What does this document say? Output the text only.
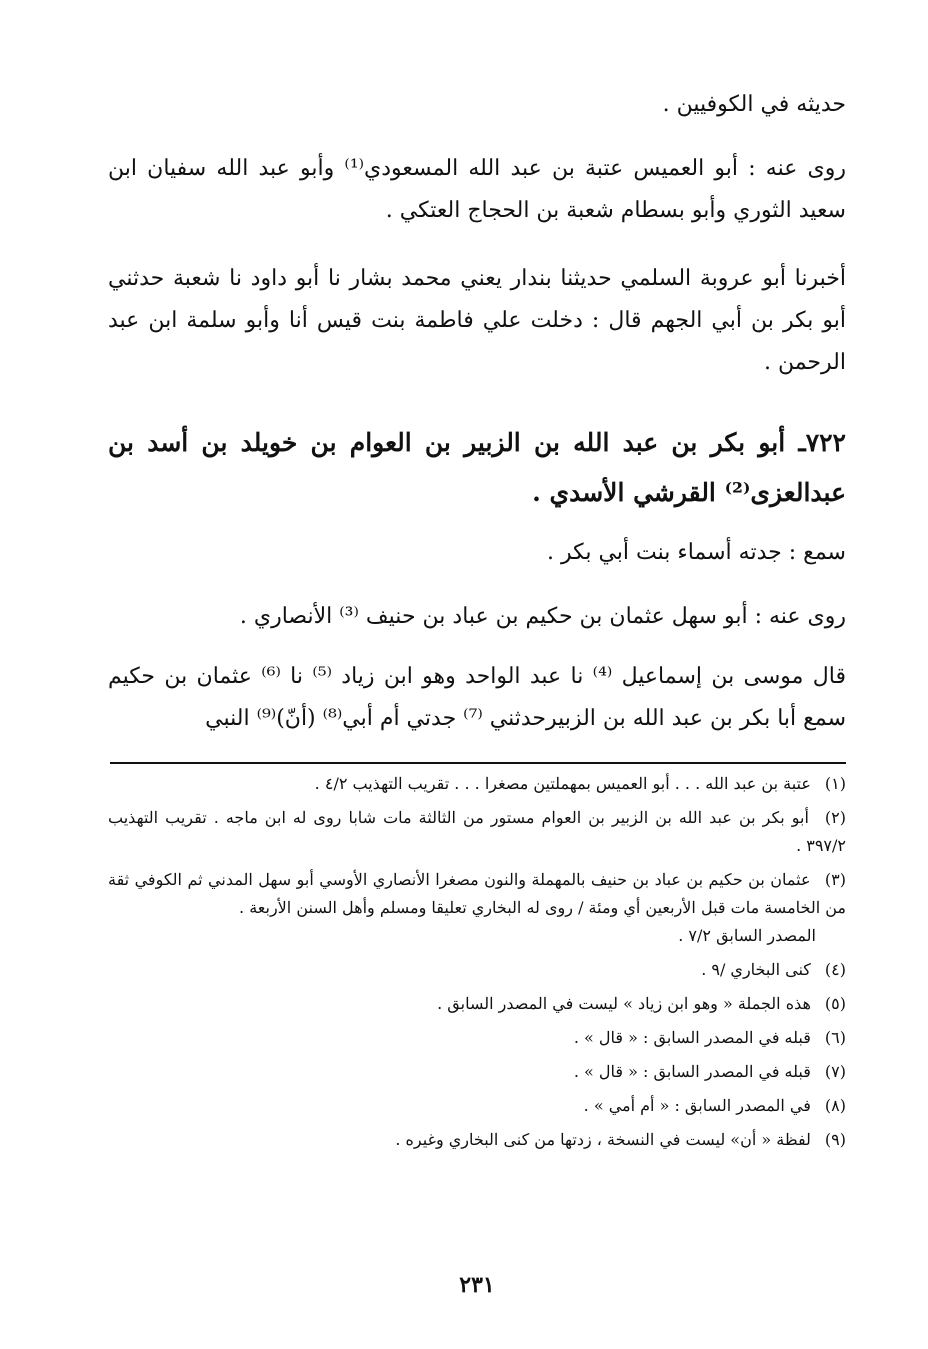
حديثه في الكوفيين .

روى عنه : أبو العميس عتبة بن عبد الله المسعودي⁽¹⁾ وأبو عبد الله سفيان ابن سعيد الثوري وأبو بسطام شعبة بن الحجاج العتكي .

أخبرنا أبو عروبة السلمي حديثنا بندار يعني محمد بشار نا أبو داود نا شعبة حدثني أبو بكر بن أبي الجهم قال : دخلت علي فاطمة بنت قيس أنا وأبو سلمة ابن عبد الرحمن .

٧٢٢ـ أبو بكر بن عبد الله بن الزبير بن العوام بن خويلد بن أسد بن عبدالعزى⁽²⁾ القرشي الأسدي .

سمع : جدته أسماء بنت أبي بكر .

روى عنه : أبو سهل عثمان بن حكيم بن عباد بن حنيف ⁽³⁾ الأنصاري .

قال موسى بن إسماعيل ⁽⁴⁾ نا عبد الواحد وهو ابن زياد ⁽⁵⁾ نا ⁽⁶⁾ عثمان بن حكيم سمع أبا بكر بن عبد الله بن الزبيرحدثني ⁽⁷⁾ جدتي أم أبي⁽⁸⁾ (أنّ)⁽⁹⁾ النبي

(١) عتبة بن عبد الله . . . أبو العميس بمهملتين مصغرا . . . تقريب التهذيب ٤/٢ .
(٢) أبو بكر بن عبد الله بن الزبير بن العوام مستور من الثالثة مات شابا روى له ابن ماجه . تقريب التهذيب ٣٩٧/٢ .
(٣) عثمان بن حكيم بن عباد بن حنيف بالمهملة والنون مصغرا الأنصاري الأوسي أبو سهل المدني ثم الكوفي ثقة من الخامسة مات قبل الأربعين أي ومئة / روى له البخاري تعليقا ومسلم وأهل السنن الأربعة .
المصدر السابق ٧/٢ .
(٤) كنى البخاري /٩ .
(٥) هذه الجملة « وهو ابن زياد » ليست في المصدر السابق .
(٦) قبله في المصدر السابق : « قال » .
(٧) قبله في المصدر السابق : « قال » .
(٨) في المصدر السابق : « أم أمي » .
(٩) لفظة « أن» ليست في النسخة ، زدتها من كنى البخاري وغيره .
٢٣١
